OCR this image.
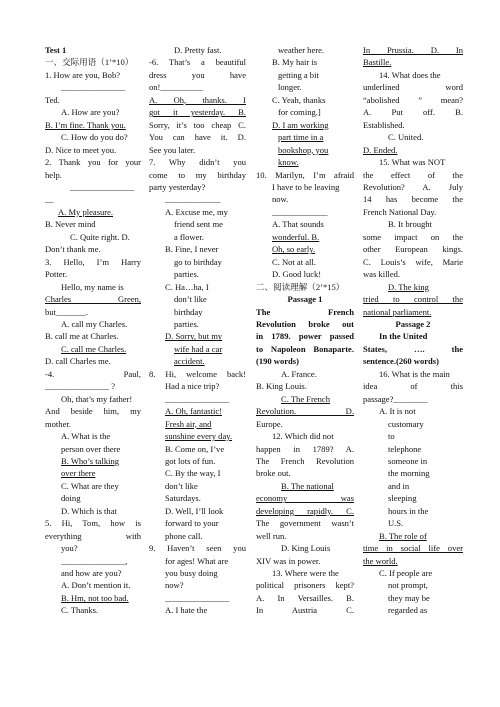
Test 1
一、交际用语（1’*10）
1. How are you, Bob?
_______________
Ted.
A. How are you?
B. I’m fine. Thank you.
C. How do you do?
D. Nice to meet you.
2. Thank you for your
help.
_______________
__
A. My pleasure.
B. Never mind
C. Quite right. D.
Don’t thank me.
3. Hello, I’m Harry
Potter.
Hello, my name is
Charles Green,
but_______.
A. call my Charles.
B. call me at Charles.
C. call me Charles.
D. call Charles me.
-4. Paul,
_______________ ?
Oh, that’s my father!
And beside him, my
mother.
A. What is the
person over there
B. Who’s talking
over there
C. What are they
doing
D. Which is that
5. Hi, Tom, how is
everything with
you?
_______________,
and how are you?
A. Don’t mention it.
B. Hm, not too bad.
C. Thanks.
D. Pretty fast.
-6. That’s a beautiful
dress you have
on!__________
A. Oh, thanks. I
got it yesterday. B.
Sorry, it’s too cheap C.
You can have it. D.
See you later.
7. Why didn’t you
come to my birthday
party yesterday?
_____________
A. Excuse me, my
friend sent me
a flower.
B. Fine, I never
go to birthday
parties.
C. Ha…ha, I
don’t like
birthday
parties.
D. Sorry, but my
wife had a car
accident.
8. Hi, welcome back!
Had a nice trip?
_______________
A. Oh, fantastic!
Fresh air, and
sunshine every day.
B. Come on, I’ve
got lots of fun.
C. By the way, I
don’t like
Saturdays.
D. Well, I’ll look
forward to your
phone call.
9. Haven’t seen you
for ages! What are
you busy doing
now?
_______________
A. I hate the
weather here.
B. My hair is
getting a bit
longer.
C. Yeah, thanks
for coming.]
D. I am working
part time in a
bookshop, you
know.
10. Marilyn, I’m afraid
I have to be leaving
now.
_____________
A. That sounds
wonderful. B.
Oh, so early.
C. Not at all.
D. Good luck!
二、阅读理解（2’*15）
Passage 1
The French
Revolution broke out
in 1789. power passed
to Napoleon Bonaparte.
(190 words)
A. France.
B. King Louis.
C. The French
Revolution. D.
Europe.
12. Which did not
happen in 1789? A.
The French Revolution
broke out.
B. The national
economy was
developing rapidly. C.
The government wasn’t
well run.
D. King Louis
XIV was in power.
13. Where were the
political prisoners kept?
A. In Versailles. B.
In Austria C.
In Prussia. D. In
Bastille.
14. What does the
underlined word
“abolished ” mean?
A. Put off. B.
Established.
C. United.
D. Ended.
15. What was NOT
the effect of the
Revolution? A. July
14 has become the
French National Day.
B. It brought
some impact on the
other European kings.
C. Louis’s wife, Marie
was killed.
D. The king
tried to control the
national parliament.
Passage 2
In the United
States, …. the
sentence.(260 words)
16. What is the main
idea of this
passage?________
A. It is not
customary
to
telephone
someone in
the morning
and in
sleeping
hours in the
U.S.
B. The role of
time in social life over
the world.
C. If people are
not prompt,
they may be
regarded as
